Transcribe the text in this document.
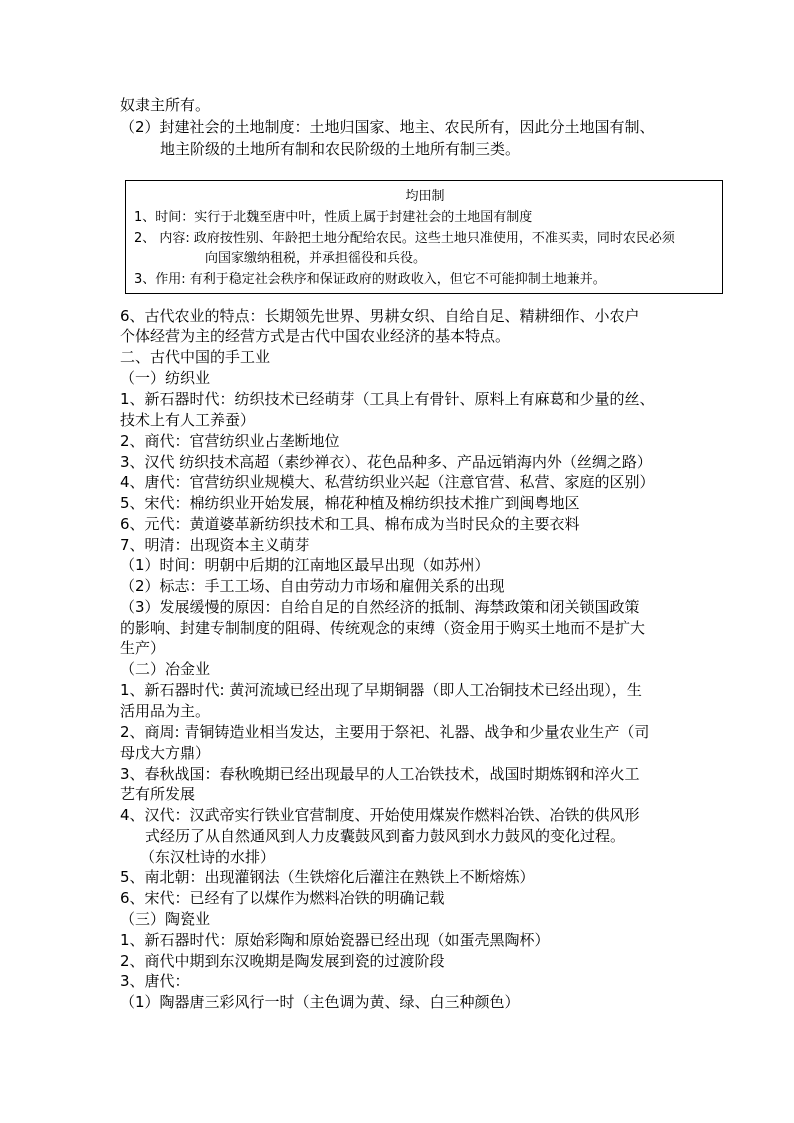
奴隶主所有。
（2）封建社会的土地制度：土地归国家、地主、农民所有，因此分土地国有制、
地主阶级的土地所有制和农民阶级的土地所有制三类。
均田制
1、时间：实行于北魏至唐中叶，性质上属于封建社会的土地国有制度
2、 内容: 政府按性别、年龄把土地分配给农民。这些土地只准使用，不准买卖，同时农民必须
向国家缴纳租税，并承担徭役和兵役。
3、作用: 有利于稳定社会秩序和保证政府的财政收入，但它不可能抑制土地兼并。
6、古代农业的特点：长期领先世界、男耕女织、自给自足、精耕细作、小农户
个体经营为主的经营方式是古代中国农业经济的基本特点。
二、古代中国的手工业
（一）纺织业
1、新石器时代：纺织技术已经萌芽（工具上有骨针、原料上有麻葛和少量的丝、
技术上有人工养蚕）
2、商代：官营纺织业占垄断地位
3、汉代 纺织技术高超（素纱禅衣）、花色品种多、产品远销海内外（丝绸之路）
4、唐代：官营纺织业规模大、私营纺织业兴起（注意官营、私营、家庭的区别）
5、宋代：棉纺织业开始发展，棉花种植及棉纺织技术推广到闽粤地区
6、元代：黄道婆革新纺织技术和工具、棉布成为当时民众的主要衣料
7、明清：出现资本主义萌芽
（1）时间：明朝中后期的江南地区最早出现（如苏州）
（2）标志：手工工场、自由劳动力市场和雇佣关系的出现
（3）发展缓慢的原因：自给自足的自然经济的抵制、海禁政策和闭关锁国政策
的影响、封建专制制度的阻碍、传统观念的束缚（资金用于购买土地而不是扩大
生产）
（二）冶金业
1、新石器时代: 黄河流域已经出现了早期铜器（即人工冶铜技术已经出现），生
活用品为主。
2、商周: 青铜铸造业相当发达，主要用于祭祀、礼器、战争和少量农业生产（司
母戊大方鼎）
3、春秋战国：春秋晚期已经出现最早的人工冶铁技术，战国时期炼钢和淬火工
艺有所发展
4、汉代：汉武帝实行铁业官营制度、开始使用煤炭作燃料冶铁、冶铁的供风形
式经历了从自然通风到人力皮囊鼓风到畜力鼓风到水力鼓风的变化过程。
（东汉杜诗的水排）
5、南北朝：出现灌钢法（生铁熔化后灌注在熟铁上不断熔炼）
6、宋代：已经有了以煤作为燃料冶铁的明确记载
（三）陶瓷业
1、新石器时代：原始彩陶和原始瓷器已经出现（如蛋壳黑陶杯）
2、商代中期到东汉晚期是陶发展到瓷的过渡阶段
3、唐代：
（1）陶器唐三彩风行一时（主色调为黄、绿、白三种颜色）
